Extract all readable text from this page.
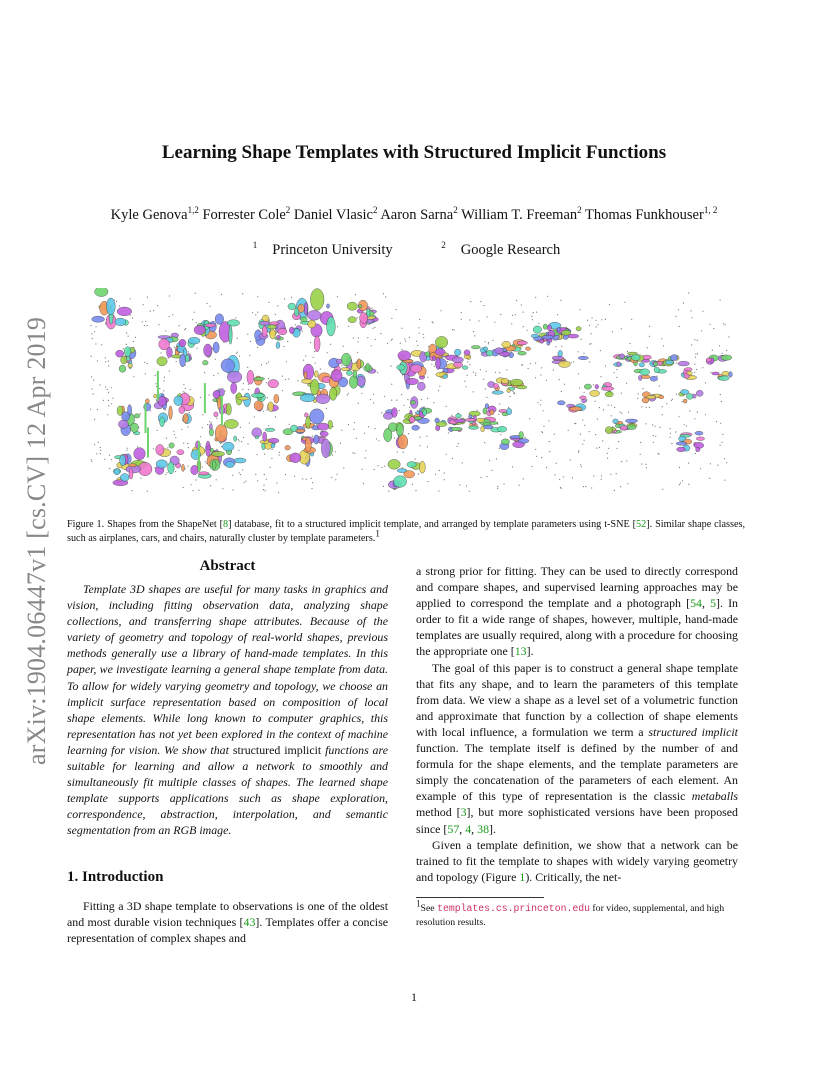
Learning Shape Templates with Structured Implicit Functions
Kyle Genova$^{1,2}$ Forrester Cole$^2$ Daniel Vlasic$^2$ Aaron Sarna$^2$ William T. Freeman$^2$ Thomas Funkhouser$^{1, 2}$
$^1$ Princeton University	$^2$ Google Research
arXiv:1904.06447v1 [cs.CV] 12 Apr 2019 Figure 1. Shapes from the ShapeNet [8] database, fit to a structured implicit template, and arranged by template parameters using t-SNE [52]. Similar shape classes, such as airplanes, cars, and chairs, naturally cluster by template parameters.$^1$
Abstract
Template 3D shapes are useful for many tasks in graphics and vision, including fitting observation data, analyzing shape collections, and transferring shape attributes. Because of the variety of geometry and topology of real-world shapes, previous methods generally use a library of hand-made templates. In this paper, we investigate learning a general shape template from data. To allow for widely varying geometry and topology, we choose an implicit surface representation based on composition of local shape elements. While long known to computer graphics, this representation has not yet been explored in the context of machine learning for vision. We show that structured implicit functions are suitable for learning and allow a network to smoothly and simultaneously fit multiple classes of shapes. The learned shape template supports applications such as shape exploration, correspondence, abstraction, interpolation, and semantic segmentation from an RGB image.
1. Introduction
Fitting a 3D shape template to observations is one of the oldest and most durable vision techniques [43]. Templates offer a concise representation of complex shapes and
a strong prior for fitting. They can be used to directly correspond and compare shapes, and supervised learning approaches may be applied to correspond the template and a photograph [54, 5]. In order to fit a wide range of shapes, however, multiple, hand-made templates are usually required, along with a procedure for choosing the appropriate one [13].
The goal of this paper is to construct a general shape template that fits any shape, and to learn the parameters of this template from data. We view a shape as a level set of a volumetric function and approximate that function by a collection of shape elements with local influence, a formulation we term a structured implicit function. The template itself is defined by the number of and formula for the shape elements, and the template parameters are simply the concatenation of the parameters of each element. An example of this type of representation is the classic metaballs method [3], but more sophisticated versions have been proposed since [57, 4, 38].
Given a template definition, we show that a network can be trained to fit the template to shapes with widely varying geometry and topology (Figure 1). Critically, the net-
$^1$See templates.cs.princeton.edu for video, supplemental, and high resolution results.
1
